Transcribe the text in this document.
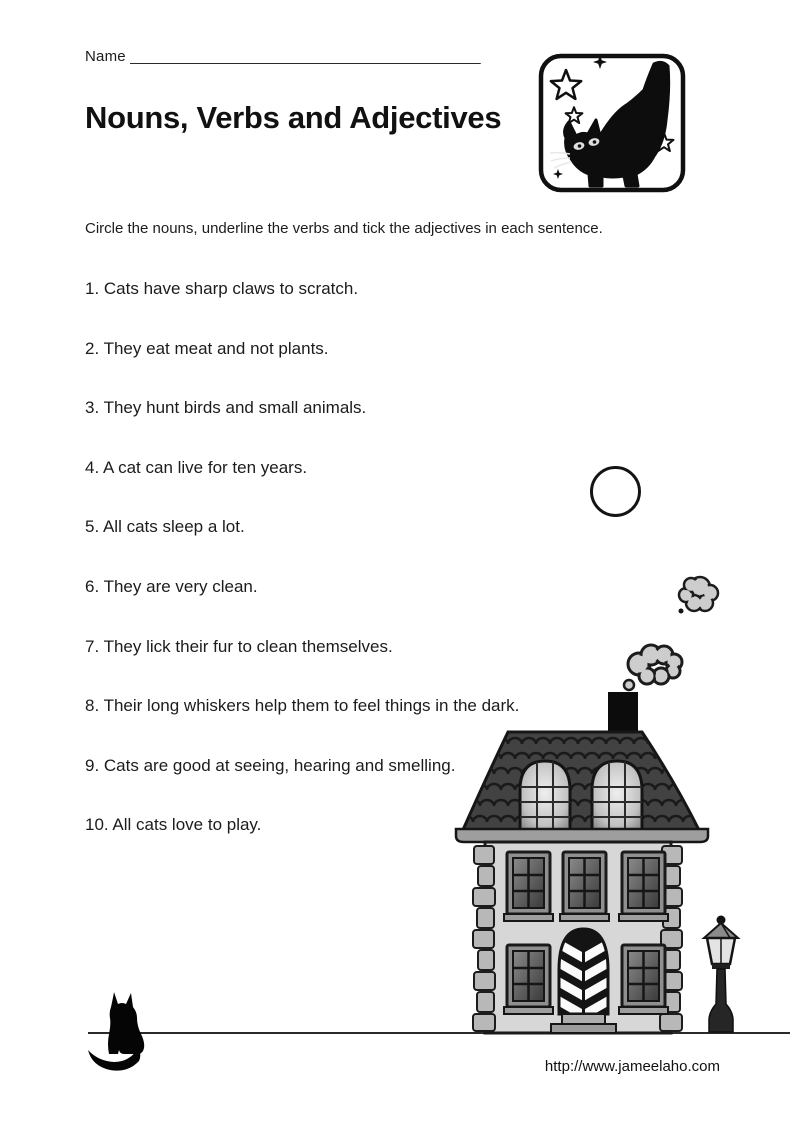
Name __________________________________________
Nouns, Verbs and Adjectives

Circle the nouns, underline the verbs and tick the adjectives in each sentence.

1. Cats have sharp claws to scratch.

2. They eat meat and not plants.

3. They hunt birds and small animals.

4. A cat can live for ten years.

5. All cats sleep a lot.

6. They are very clean.

7. They lick their fur to clean themselves.

8. Their long whiskers help them to feel things in the dark.

9. Cats are good at seeing, hearing and smelling.

10. All cats love to play.

http://www.jameelaho.com
